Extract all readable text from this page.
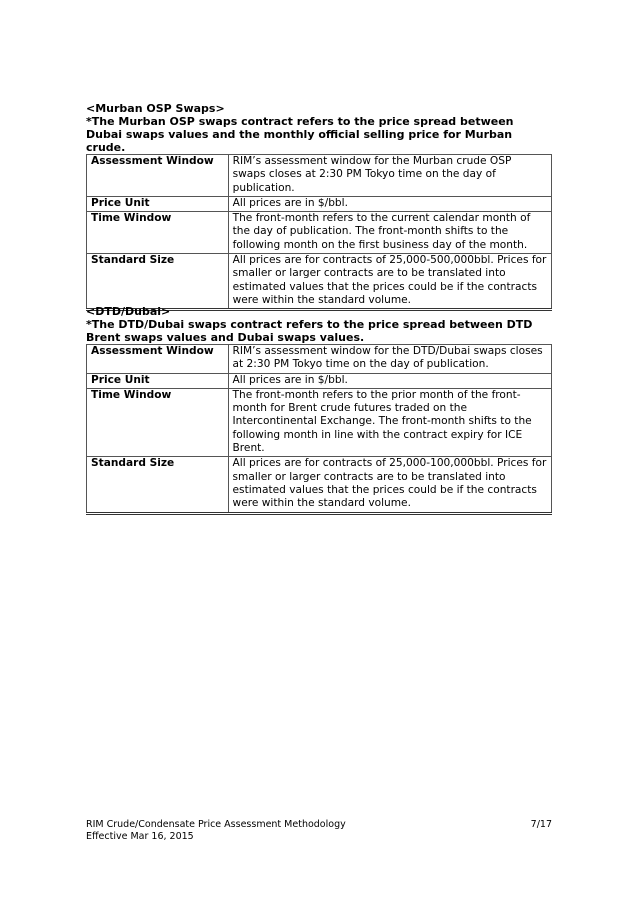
<Murban OSP Swaps>
*The Murban OSP swaps contract refers to the price spread between Dubai swaps values and the monthly official selling price for Murban crude.
Assessment Window	RIM’s assessment window for the Murban crude OSP swaps closes at 2:30 PM Tokyo time on the day of publication.
Price Unit	All prices are in $/bbl.
Time Window	The front-month refers to the current calendar month of the day of publication. The front-month shifts to the following month on the first business day of the month.
Standard Size	All prices are for contracts of 25,000-500,000bbl. Prices for smaller or larger contracts are to be translated into estimated values that the prices could be if the contracts were within the standard volume.
<DTD/Dubai>
*The DTD/Dubai swaps contract refers to the price spread between DTD Brent swaps values and Dubai swaps values.
Assessment Window	RIM’s assessment window for the DTD/Dubai swaps closes at 2:30 PM Tokyo time on the day of publication.
Price Unit	All prices are in $/bbl.
Time Window	The front-month refers to the prior month of the front-month for Brent crude futures traded on the Intercontinental Exchange. The front-month shifts to the following month in line with the contract expiry for ICE Brent.
Standard Size	All prices are for contracts of 25,000-100,000bbl. Prices for smaller or larger contracts are to be translated into estimated values that the prices could be if the contracts were within the standard volume.
RIM Crude/Condensate Price Assessment Methodology
Effective Mar 16, 2015
7/17
